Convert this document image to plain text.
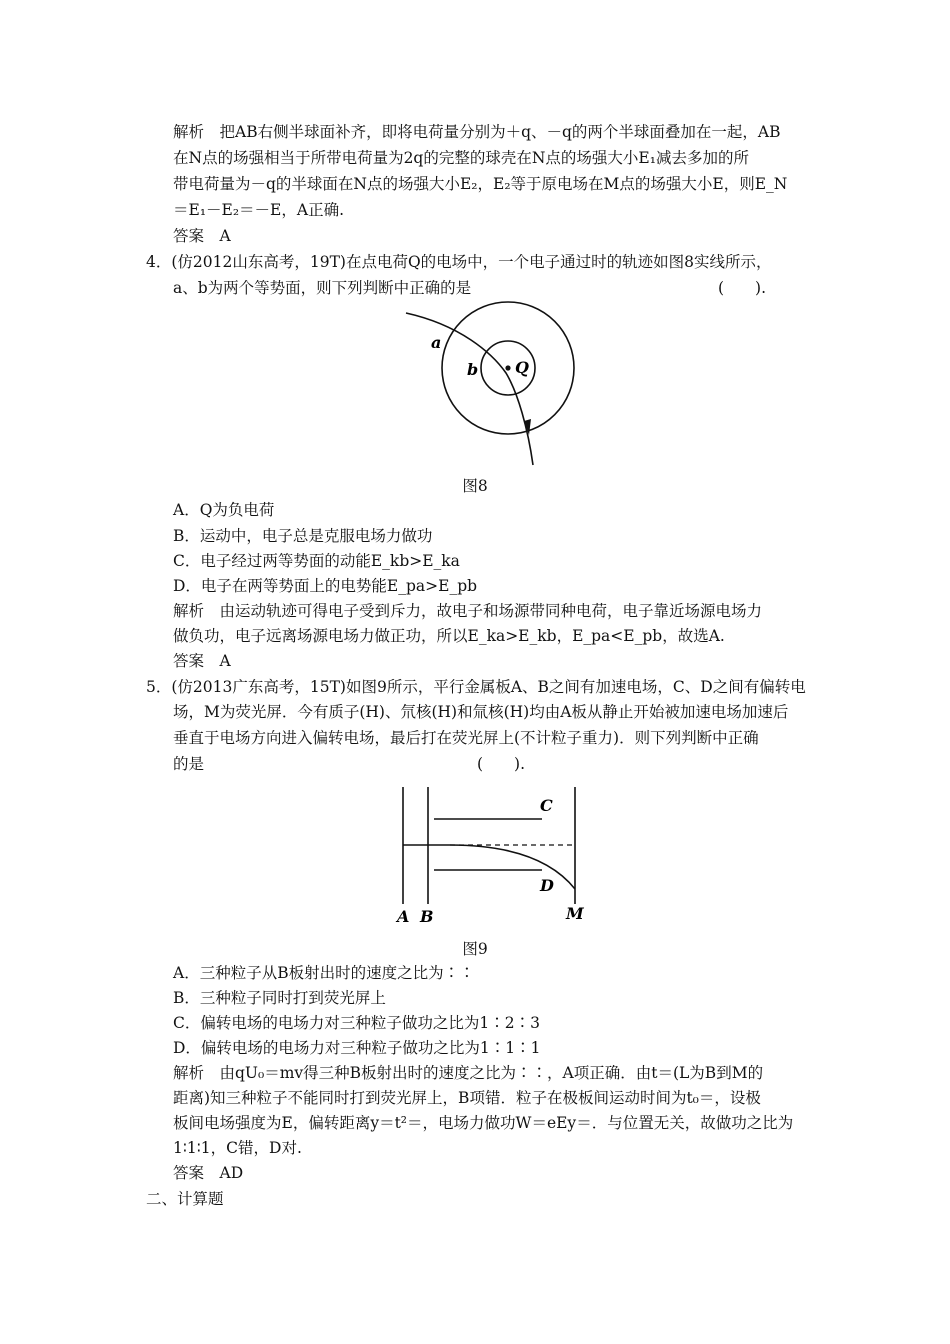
解析　把AB右侧半球面补齐，即将电荷量分别为＋q、－q的两个半球面叠加在一起，AB
在N点的场强相当于所带电荷量为2q的完整的球壳在N点的场强大小E₁减去多加的所
带电荷量为－q的半球面在N点的场强大小E₂，E₂等于原电场在M点的场强大小E，则E_N
＝E₁－E₂＝－E，A正确.
答案　A
4．(仿2012山东高考，19T)在点电荷Q的电场中，一个电子通过时的轨迹如图8实线所示，
a、b为两个等势面，则下列判断中正确的是	(　　).
a
b Q
图8
A．Q为负电荷
B．运动中，电子总是克服电场力做功
C．电子经过两等势面的动能E_kb>E_ka
D．电子在两等势面上的电势能E_pa>E_pb
解析　由运动轨迹可得电子受到斥力，故电子和场源带同种电荷，电子靠近场源电场力
做负功，电子远离场源电场力做正功，所以E_ka>E_kb，E_pa<E_pb，故选A.
答案　A
5．(仿2013广东高考，15T)如图9所示，平行金属板A、B之间有加速电场，C、D之间有偏转电
场，M为荧光屏．今有质子(H)、氘核(H)和氚核(H)均由A板从静止开始被加速电场加速后
垂直于电场方向进入偏转电场，最后打在荧光屏上(不计粒子重力)．则下列判断中正确
的是	(　　).
C
D
A B	M
图9
A．三种粒子从B板射出时的速度之比为∶∶
B．三种粒子同时打到荧光屏上
C．偏转电场的电场力对三种粒子做功之比为1∶2∶3
D．偏转电场的电场力对三种粒子做功之比为1∶1∶1
解析　由qU₀＝mv得三种B板射出时的速度之比为∶∶，A项正确．由t＝(L为B到M的
距离)知三种粒子不能同时打到荧光屏上，B项错．粒子在极板间运动时间为t₀＝，设极
板间电场强度为E，偏转距离y＝t²＝，电场力做功W＝eEy＝．与位置无关，故做功之比为
1∶1∶1，C错，D对.
答案　AD
二、计算题
